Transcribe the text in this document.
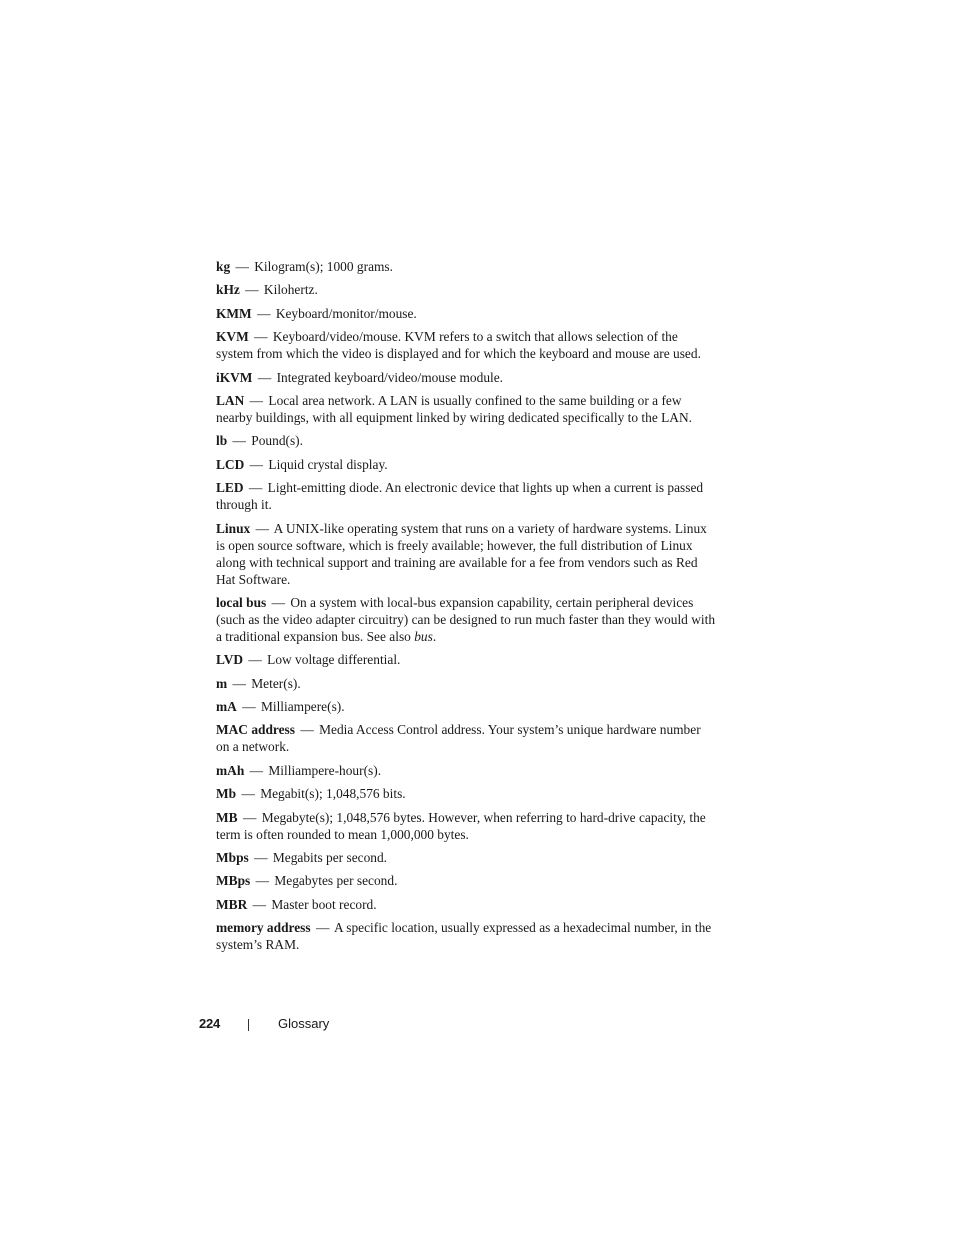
kg — Kilogram(s); 1000 grams.

kHz — Kilohertz.

KMM — Keyboard/monitor/mouse.

KVM — Keyboard/video/mouse. KVM refers to a switch that allows selection of the system from which the video is displayed and for which the keyboard and mouse are used.

iKVM — Integrated keyboard/video/mouse module.

LAN — Local area network. A LAN is usually confined to the same building or a few nearby buildings, with all equipment linked by wiring dedicated specifically to the LAN.

lb — Pound(s).

LCD — Liquid crystal display.

LED — Light-emitting diode. An electronic device that lights up when a current is passed through it.

Linux — A UNIX-like operating system that runs on a variety of hardware systems. Linux is open source software, which is freely available; however, the full distribution of Linux along with technical support and training are available for a fee from vendors such as Red Hat Software.

local bus — On a system with local-bus expansion capability, certain peripheral devices (such as the video adapter circuitry) can be designed to run much faster than they would with a traditional expansion bus. See also bus.

LVD — Low voltage differential.

m — Meter(s).

mA — Milliampere(s).

MAC address — Media Access Control address. Your system’s unique hardware number on a network.

mAh — Milliampere-hour(s).

Mb — Megabit(s); 1,048,576 bits.

MB — Megabyte(s); 1,048,576 bytes. However, when referring to hard-drive capacity, the term is often rounded to mean 1,000,000 bytes.

Mbps — Megabits per second.

MBps — Megabytes per second.

MBR — Master boot record.

memory address — A specific location, usually expressed as a hexadecimal number, in the system’s RAM.

224	Glossary
